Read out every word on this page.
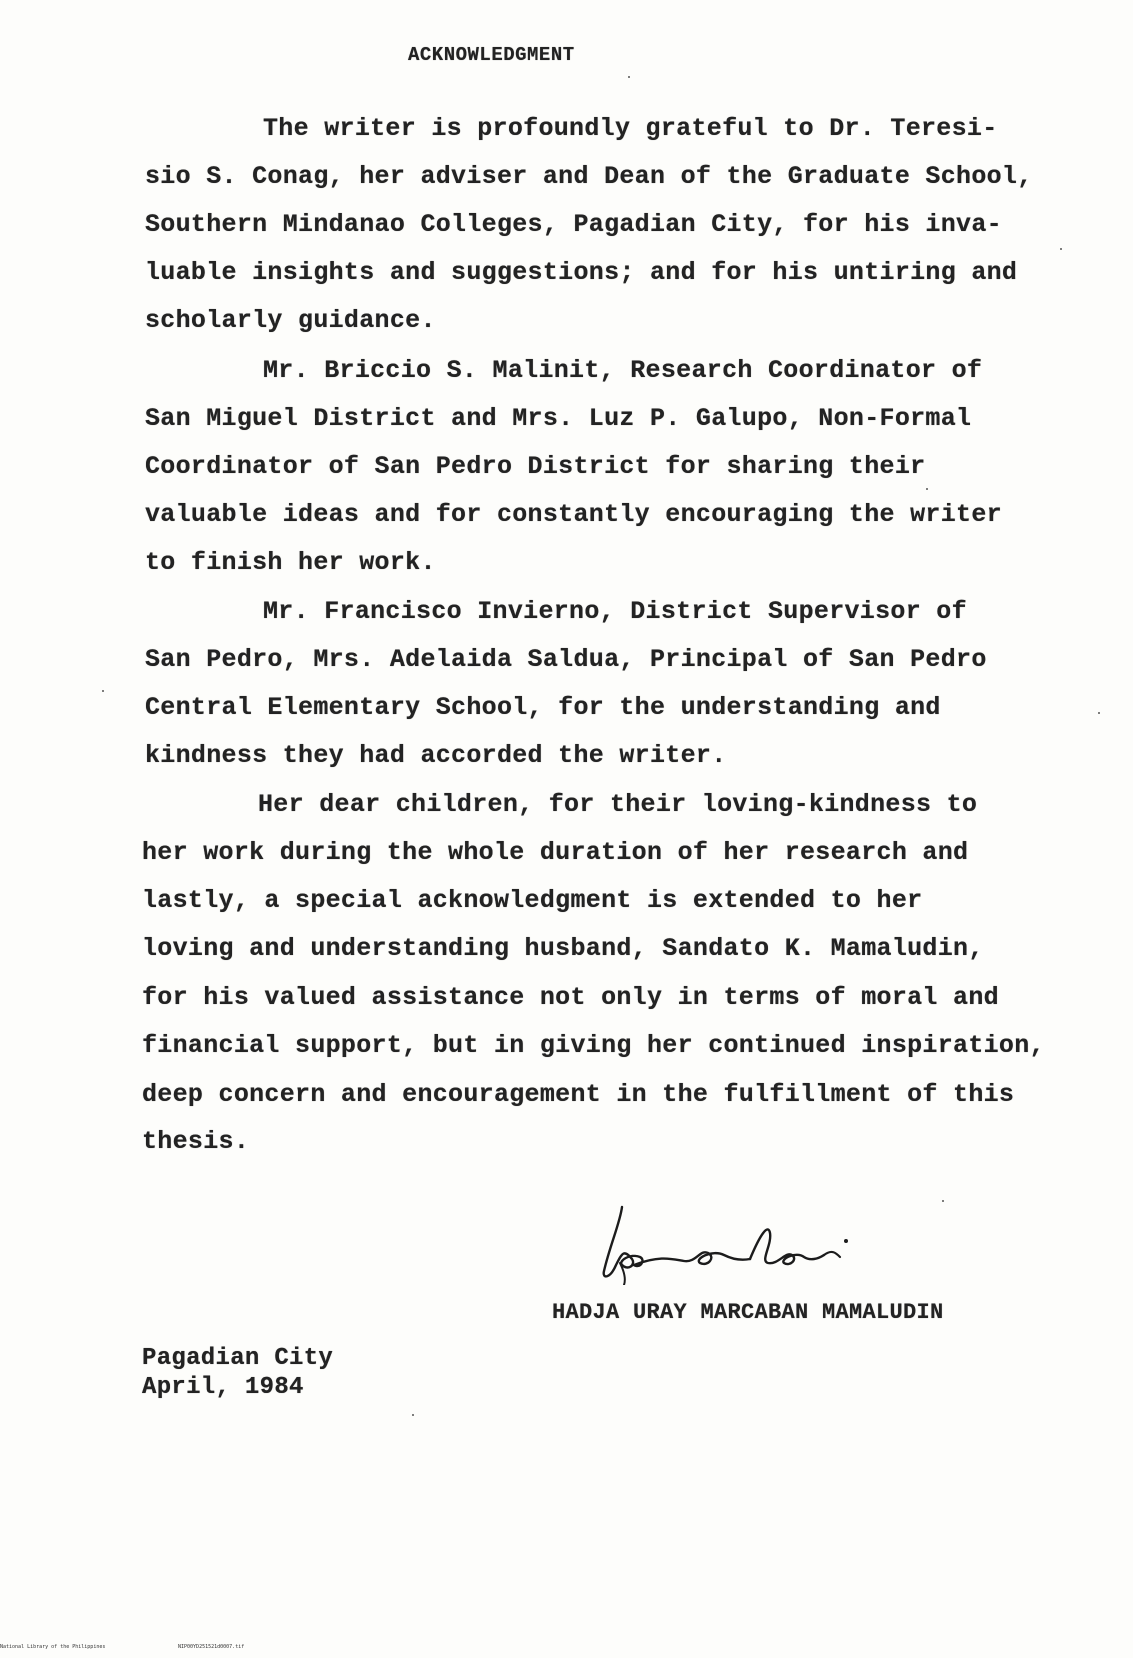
ACKNOWLEDGMENT
The writer is profoundly grateful to Dr. Teresi-
sio S. Conag, her adviser and Dean of the Graduate School,
Southern Mindanao Colleges, Pagadian City, for his inva-
luable insights and suggestions; and for his untiring and
scholarly guidance.
Mr. Briccio S. Malinit, Research Coordinator of
San Miguel District and Mrs. Luz P. Galupo, Non-Formal
Coordinator of San Pedro District for sharing their
valuable ideas and for constantly encouraging the writer
to finish her work.
Mr. Francisco Invierno, District Supervisor of
San Pedro, Mrs. Adelaida Saldua, Principal of San Pedro
Central Elementary School, for the understanding and
kindness they had accorded the writer.
Her dear children, for their loving-kindness to
her work during the whole duration of her research and
lastly, a special acknowledgment is extended to her
loving and understanding husband, Sandato K. Mamaludin,
for his valued assistance not only in terms of moral and
financial support, but in giving her continued inspiration,
deep concern and encouragement in the fulfillment of this
thesis.
HADJA URAY MARCABAN MAMALUDIN
Pagadian City
April, 1984
National Library of the Philippines	NIP00YD251521d0007.tif
